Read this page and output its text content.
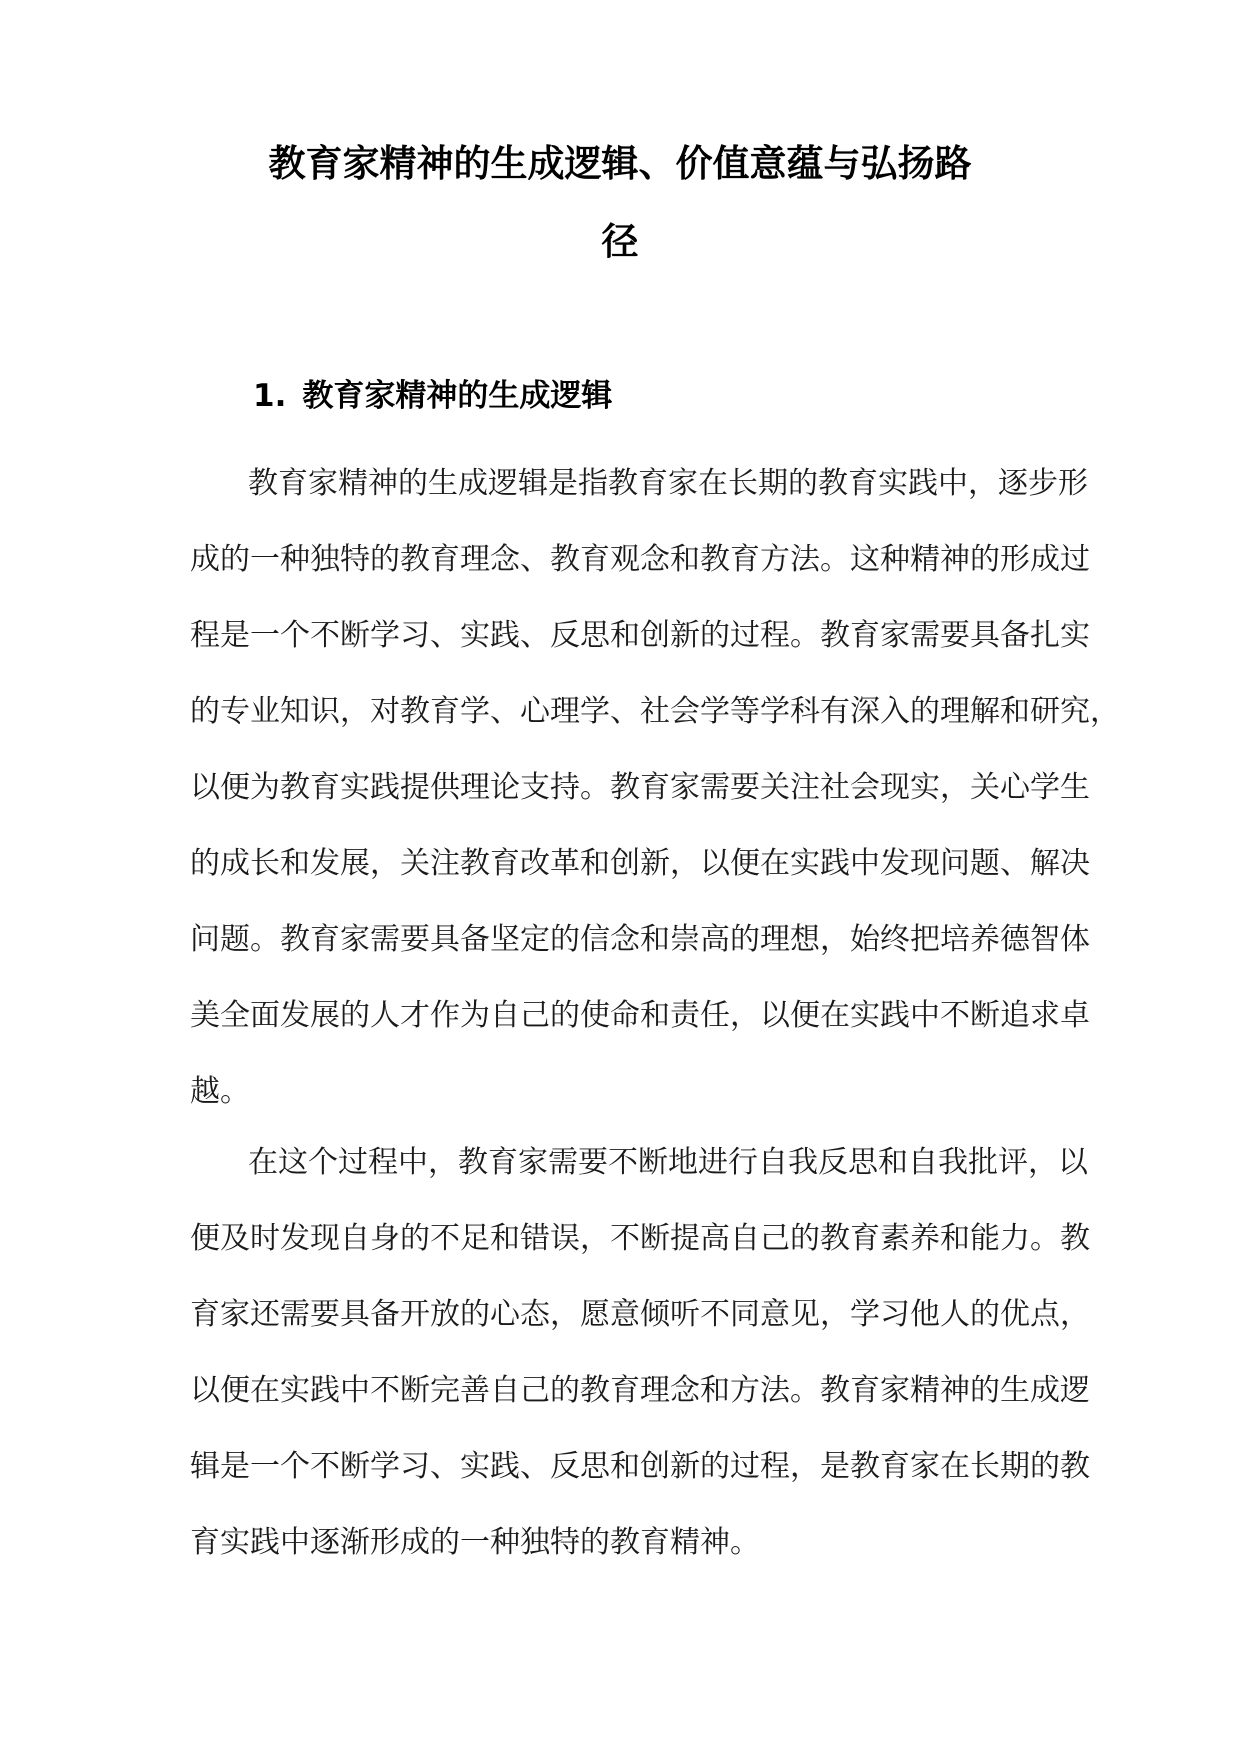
教育家精神的生成逻辑、价值意蕴与弘扬路
径
1. 教育家精神的生成逻辑
教育家精神的生成逻辑是指教育家在长期的教育实践中，逐步形
成的一种独特的教育理念、教育观念和教育方法。这种精神的形成过
程是一个不断学习、实践、反思和创新的过程。教育家需要具备扎实
的专业知识，对教育学、心理学、社会学等学科有深入的理解和研究，
以便为教育实践提供理论支持。教育家需要关注社会现实，关心学生
的成长和发展，关注教育改革和创新，以便在实践中发现问题、解决
问题。教育家需要具备坚定的信念和崇高的理想，始终把培养德智体
美全面发展的人才作为自己的使命和责任，以便在实践中不断追求卓
越。
在这个过程中，教育家需要不断地进行自我反思和自我批评，以
便及时发现自身的不足和错误，不断提高自己的教育素养和能力。教
育家还需要具备开放的心态，愿意倾听不同意见，学习他人的优点，
以便在实践中不断完善自己的教育理念和方法。教育家精神的生成逻
辑是一个不断学习、实践、反思和创新的过程，是教育家在长期的教
育实践中逐渐形成的一种独特的教育精神。
